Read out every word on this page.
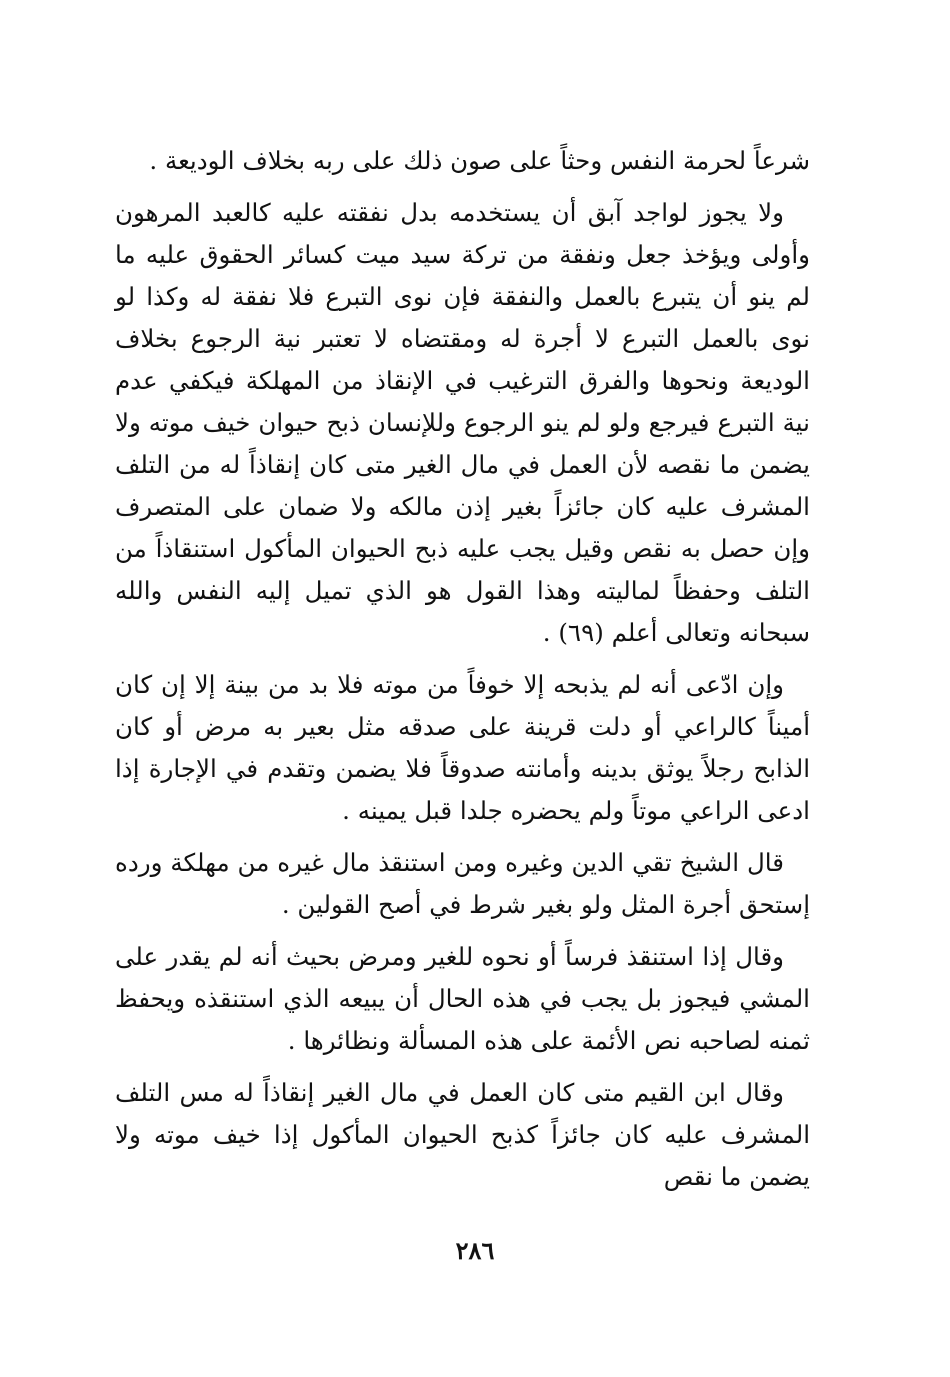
شرعاً لحرمة النفس وحثاً على صون ذلك على ربه بخلاف الوديعة .

ولا يجوز لواجد آبق أن يستخدمه بدل نفقته عليه كالعبد المرهون وأولى ويؤخذ جعل ونفقة من تركة سيد ميت كسائر الحقوق عليه ما لم ينو أن يتبرع بالعمل والنفقة فإن نوى التبرع فلا نفقة له وكذا لو نوى بالعمل التبرع لا أجرة له ومقتضاه لا تعتبر نية الرجوع بخلاف الوديعة ونحوها والفرق الترغيب في الإنقاذ من المهلكة فيكفي عدم نية التبرع فيرجع ولو لم ينو الرجوع وللإنسان ذبح حيوان خيف موته ولا يضمن ما نقصه لأن العمل في مال الغير متى كان إنقاذاً له من التلف المشرف عليه كان جائزاً بغير إذن مالكه ولا ضمان على المتصرف وإن حصل به نقص وقيل يجب عليه ذبح الحيوان المأكول استنقاذاً من التلف وحفظاً لماليته وهذا القول هو الذي تميل إليه النفس والله سبحانه وتعالى أعلم (٦٩) .

وإن ادّعى أنه لم يذبحه إلا خوفاً من موته فلا بد من بينة إلا إن كان أميناً كالراعي أو دلت قرينة على صدقه مثل بعير به مرض أو كان الذابح رجلاً يوثق بدينه وأمانته صدوقاً فلا يضمن وتقدم في الإجارة إذا ادعى الراعي موتاً ولم يحضره جلدا قبل يمينه .

قال الشيخ تقي الدين وغيره ومن استنقذ مال غيره من مهلكة ورده إستحق أجرة المثل ولو بغير شرط في أصح القولين .

وقال إذا استنقذ فرساً أو نحوه للغير ومرض بحيث أنه لم يقدر على المشي فيجوز بل يجب في هذه الحال أن يبيعه الذي استنقذه ويحفظ ثمنه لصاحبه نص الأئمة على هذه المسألة ونظائرها .

وقال ابن القيم متى كان العمل في مال الغير إنقاذاً له مس التلف المشرف عليه كان جائزاً كذبح الحيوان المأكول إذا خيف موته ولا يضمن ما نقص

٢٨٦
